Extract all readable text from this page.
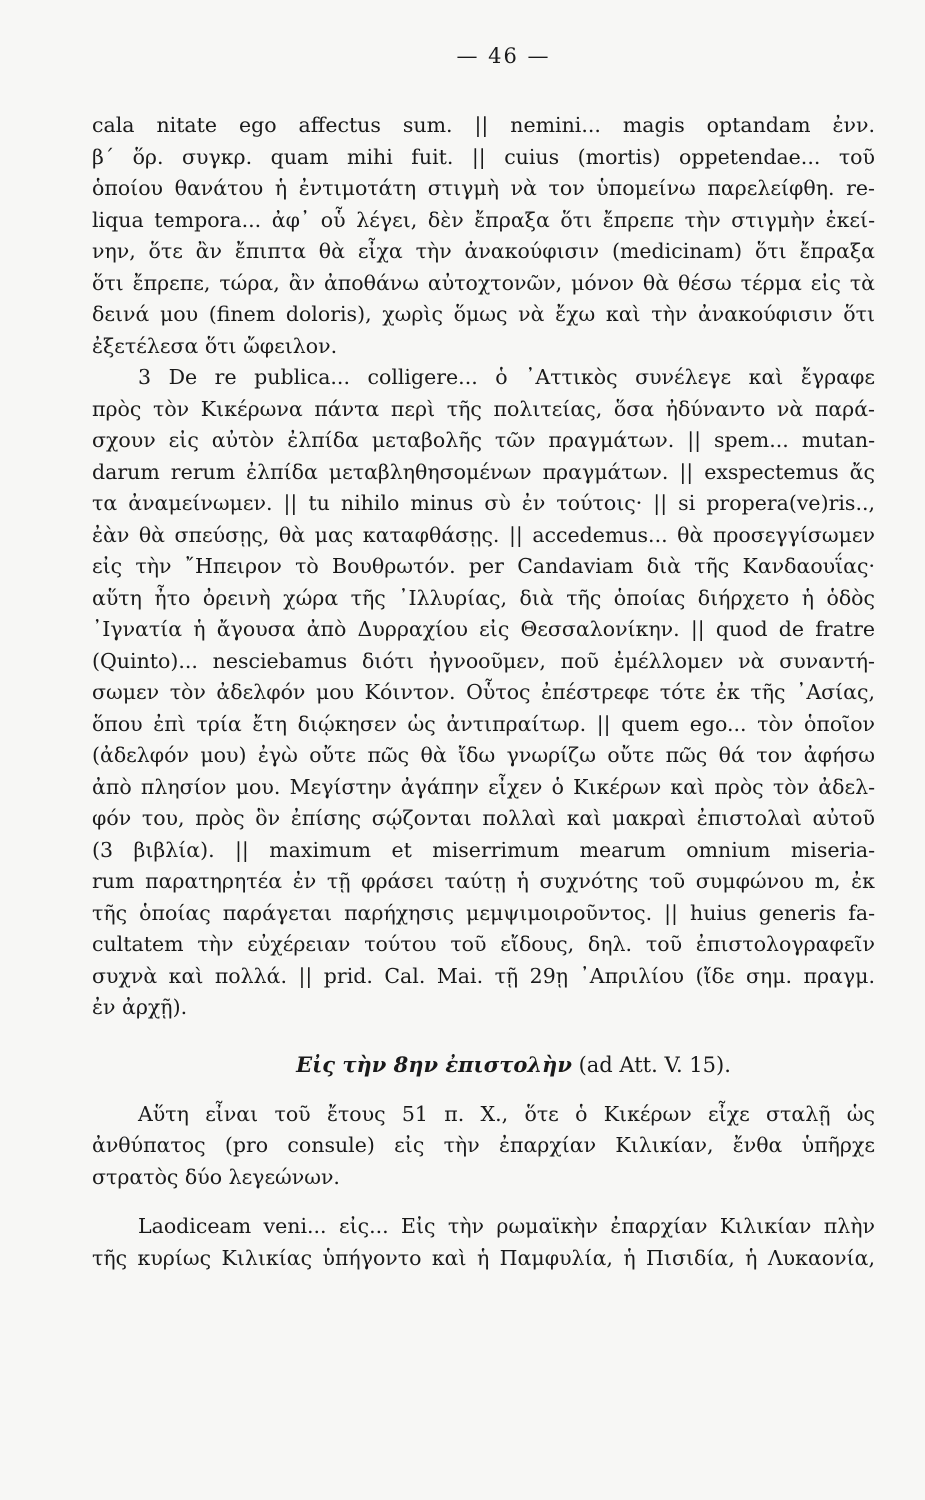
— 46 —
cala nitate ego affectus sum. || nemini... magis optandam ἐνν.
β΄ ὅρ. συγκρ. quam mihi fuit. || cuius (mortis) oppetendae... τοῦ
ὁποίου θανάτου ἡ ἐντιμοτάτη στιγμὴ νὰ τον ὑπομείνω παρελείφθη. re-
liqua tempora... ἀφ᾽ οὗ λέγει, δὲν ἔπραξα ὅτι ἔπρεπε τὴν στιγμὴν ἐκεί-
νην, ὅτε ἂν ἔπιπτα θὰ εἶχα τὴν ἀνακούφισιν (medicinam) ὅτι ἔπραξα
ὅτι ἔπρεπε, τώρα, ἂν ἀποθάνω αὐτοχτονῶν, μόνον θὰ θέσω τέρμα εἰς τὰ
δεινά μου (finem doloris), χωρὶς ὅμως νὰ ἔχω καὶ τὴν ἀνακούφισιν ὅτι
ἐξετέλεσα ὅτι ὤφειλον.
3 De re publica... colligere... ὁ ᾽Αττικὸς συνέλεγε καὶ ἔγραφε
πρὸς τὸν Κικέρωνα πάντα περὶ τῆς πολιτείας, ὅσα ἠδύναντο νὰ παρά-
σχουν εἰς αὐτὸν ἐλπίδα μεταβολῆς τῶν πραγμάτων. || spem... mutan-
darum rerum ἐλπίδα μεταβληθησομένων πραγμάτων. || exspectemus ἄς
τα ἀναμείνωμεν. || tu nihilo minus σὺ ἐν τούτοις· || si propera(ve)ris..,
ἐὰν θὰ σπεύσῃς, θὰ μας καταφθάσῃς. || accedemus... θὰ προσεγγίσωμεν
εἰς τὴν ῎Ηπειρον τὸ Βουθρωτόν. per Candaviam διὰ τῆς Κανδαουΐας·
αὕτη ἦτο ὀρεινὴ χώρα τῆς ᾽Ιλλυρίας, διὰ τῆς ὁποίας διήρχετο ἡ ὁδὸς
᾽Ιγνατία ἡ ἄγουσα ἀπὸ Δυρραχίου εἰς Θεσσαλονίκην. || quod de fratre
(Quinto)... nesciebamus διότι ἠγνοοῦμεν, ποῦ ἐμέλλομεν νὰ συναντή-
σωμεν τὸν ἀδελφόν μου Κόιντον. Οὗτος ἐπέστρεφε τότε ἐκ τῆς ᾽Ασίας,
ὅπου ἐπὶ τρία ἔτη διῴκησεν ὡς ἀντιπραίτωρ. || quem ego... τὸν ὁποῖον
(ἀδελφόν μου) ἐγὼ οὔτε πῶς θὰ ἴδω γνωρίζω οὔτε πῶς θά τον ἀφήσω
ἀπὸ πλησίον μου. Μεγίστην ἀγάπην εἶχεν ὁ Κικέρων καὶ πρὸς τὸν ἀδελ-
φόν του, πρὸς ὃν ἐπίσης σῴζονται πολλαὶ καὶ μακραὶ ἐπιστολαὶ αὐτοῦ
(3 βιβλία). || maximum et miserrimum mearum omnium miseria-
rum παρατηρητέα ἐν τῇ φράσει ταύτῃ ἡ συχνότης τοῦ συμφώνου m, ἐκ
τῆς ὁποίας παράγεται παρήχησις μεμψιμοιροῦντος. || huius generis fa-
cultatem τὴν εὐχέρειαν τούτου τοῦ εἴδους, δηλ. τοῦ ἐπιστολογραφεῖν
συχνὰ καὶ πολλά. || prid. Cal. Mai. τῇ 29ῃ ᾽Απριλίου (ἴδε σημ. πραγμ.
ἐν ἀρχῇ).
Εἰς τὴν 8ην ἐπιστολὴν (ad Att. V. 15).
Αὕτη εἶναι τοῦ ἔτους 51 π. Χ., ὅτε ὁ Κικέρων εἶχε σταλῇ ὡς
ἀνθύπατος (pro consule) εἰς τὴν ἐπαρχίαν Κιλικίαν, ἔνθα ὑπῆρχε
στρατὸς δύο λεγεώνων.
Laodiceam veni... εἰς... Εἰς τὴν ρωμαϊκὴν ἐπαρχίαν Κιλικίαν πλὴν
τῆς κυρίως Κιλικίας ὑπήγοντο καὶ ἡ Παμφυλία, ἡ Πισιδία, ἡ Λυκαονία,
